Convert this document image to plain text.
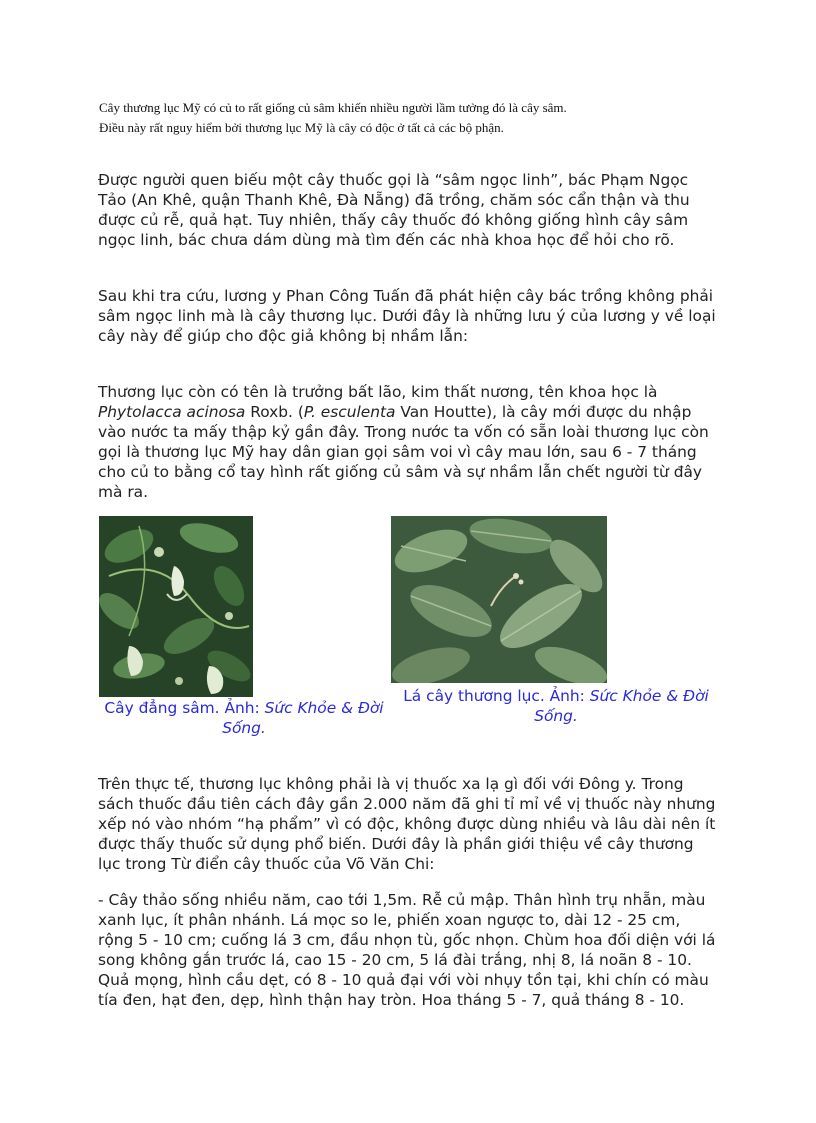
Cây thương lục Mỹ có củ to rất giống củ sâm khiến nhiều người lầm tưởng đó là cây sâm.
Điều này rất nguy hiểm bởi thương lục Mỹ là cây có độc ở tất cả các bộ phận.
Được người quen biếu một cây thuốc gọi là “sâm ngọc linh”, bác Phạm Ngọc Tảo (An Khê, quận Thanh Khê, Đà Nẵng) đã trồng, chăm sóc cẩn thận và thu được củ rễ, quả hạt. Tuy nhiên, thấy cây thuốc đó không giống hình cây sâm ngọc linh, bác chưa dám dùng mà tìm đến các nhà khoa học để hỏi cho rõ.
Sau khi tra cứu, lương y Phan Công Tuấn đã phát hiện cây bác trồng không phải sâm ngọc linh mà là cây thương lục. Dưới đây là những lưu ý của lương y về loại cây này để giúp cho độc giả không bị nhầm lẫn:
Thương lục còn có tên là trưởng bất lão, kim thất nương, tên khoa học là Phytolacca acinosa Roxb. (P. esculenta Van Houtte), là cây mới được du nhập vào nước ta mấy thập kỷ gần đây. Trong nước ta vốn có sẵn loài thương lục còn gọi là thương lục Mỹ hay dân gian gọi sâm voi vì cây mau lớn, sau 6 - 7 tháng cho củ to bằng cổ tay hình rất giống củ sâm và sự nhầm lẫn chết người từ đây mà ra.
Cây đẳng sâm. Ảnh: Sức Khỏe & Đời Sống.
Lá cây thương lục. Ảnh: Sức Khỏe & Đời Sống.
Trên thực tế, thương lục không phải là vị thuốc xa lạ gì đối với Đông y. Trong sách thuốc đầu tiên cách đây gần 2.000 năm đã ghi tỉ mỉ về vị thuốc này nhưng xếp nó vào nhóm “hạ phẩm” vì có độc, không được dùng nhiều và lâu dài nên ít được thấy thuốc sử dụng phổ biến. Dưới đây là phần giới thiệu về cây thương lục trong Từ điển cây thuốc của Võ Văn Chi:
- Cây thảo sống nhiều năm, cao tới 1,5m. Rễ củ mập. Thân hình trụ nhẵn, màu xanh lục, ít phân nhánh. Lá mọc so le, phiến xoan ngược to, dài 12 - 25 cm, rộng 5 - 10 cm; cuống lá 3 cm, đầu nhọn tù, gốc nhọn. Chùm hoa đối diện với lá song không gắn trước lá, cao 15 - 20 cm, 5 lá đài trắng, nhị 8, lá noãn 8 - 10. Quả mọng, hình cầu dẹt, có 8 - 10 quả đại với vòi nhụy tồn tại, khi chín có màu tía đen, hạt đen, dẹp, hình thận hay tròn. Hoa tháng 5 - 7, quả tháng 8 - 10.
